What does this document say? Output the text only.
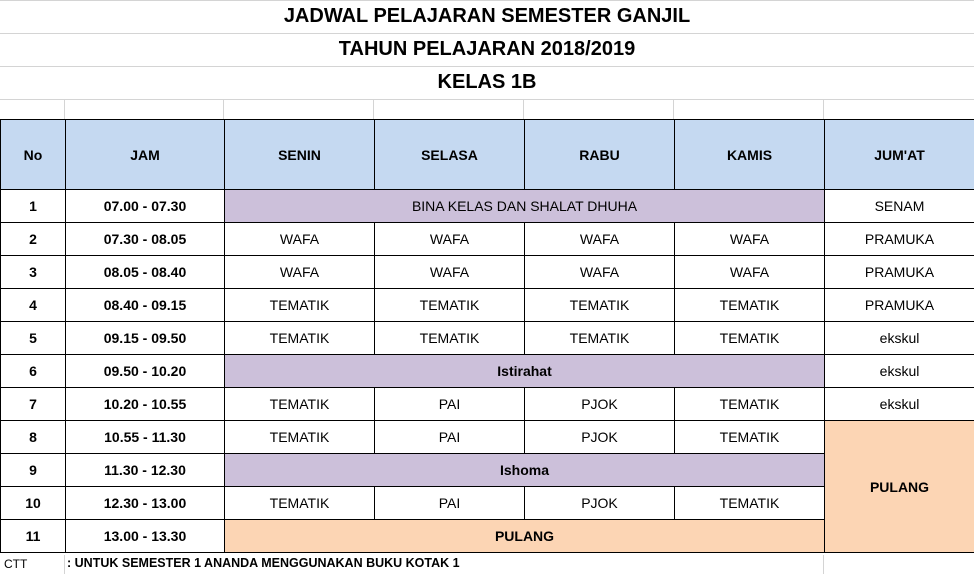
JADWAL PELAJARAN SEMESTER GANJIL
TAHUN PELAJARAN 2018/2019
KELAS 1B
No	JAM	SENIN	SELASA	RABU	KAMIS	JUM'AT
1	07.00 - 07.30	BINA KELAS DAN SHALAT DHUHA				SENAM
2	07.30 - 08.05	WAFA	WAFA	WAFA	WAFA	PRAMUKA
3	08.05 - 08.40	WAFA	WAFA	WAFA	WAFA	PRAMUKA
4	08.40 - 09.15	TEMATIK	TEMATIK	TEMATIK	TEMATIK	PRAMUKA
5	09.15 - 09.50	TEMATIK	TEMATIK	TEMATIK	TEMATIK	ekskul
6	09.50 - 10.20	Istirahat				ekskul
7	10.20 - 10.55	TEMATIK	PAI	PJOK	TEMATIK	ekskul
8	10.55 - 11.30	TEMATIK	PAI	PJOK	TEMATIK	PULANG
9	11.30 - 12.30	Ishoma				
10	12.30 - 13.00	TEMATIK	PAI	PJOK	TEMATIK	
11	13.00 - 13.30	PULANG				
CTT	: UNTUK SEMESTER 1 ANANDA MENGGUNAKAN BUKU KOTAK 1
